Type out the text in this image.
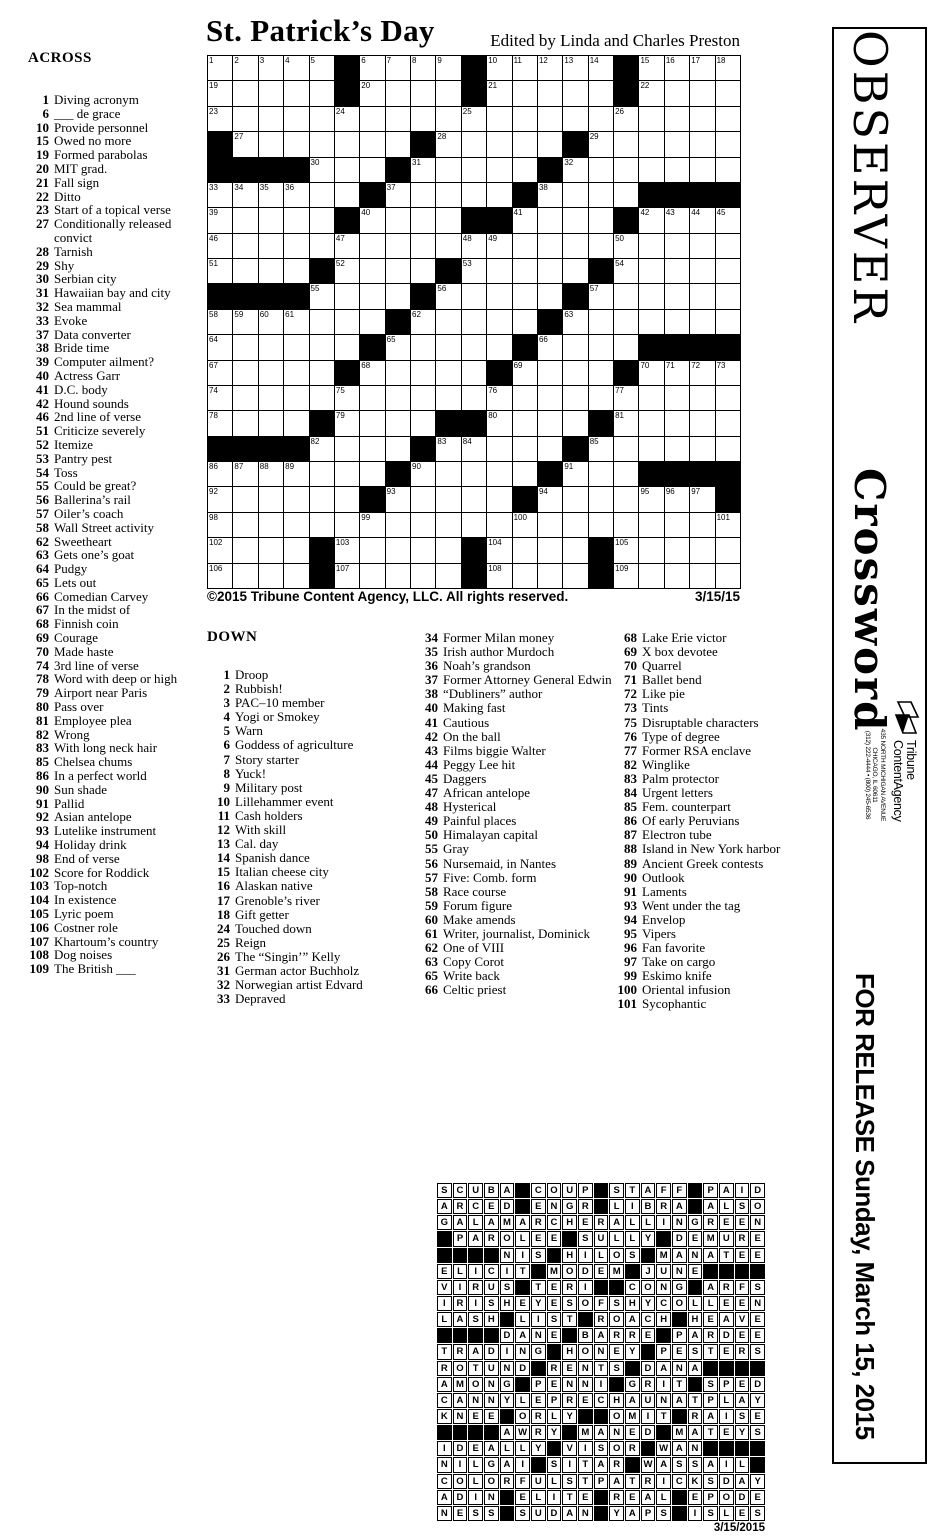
St. Patrick’s Day	Edited by Linda and Charles Preston
1	2	3	4	5	6	7	8	9	10 11 12 13 14	15 16 17 18
19	20	21	22
23	24	25	26
27	28	29
30	31	32
33 34 35 36	37	38
39	40	41	42 43 44 45
46	47	48 49	50
51	52	53	54
55	56	57
58 59 60 61	62	63
64	65	66
67	68	69	70 71 72 73
74	75	76	77
78	79	80	81
82	83 84	85
86 87 88 89	90	91
92	93	94	95 96 97
98	99	100	101
102	103	104	105
106	107	108	109
©2015 Tribune Content Agency, LLC. All rights reserved.	3/15/15
ACROSS
1 Diving acronym
6 ___ de grace
10 Provide personnel
15 Owed no more
19 Formed parabolas
20 MIT grad.
21 Fall sign
22 Ditto
23 Start of a topical verse
27 Conditionally released convict
28 Tarnish
29 Shy
30 Serbian city
31 Hawaiian bay and city
32 Sea mammal
33 Evoke
37 Data converter
38 Bride time
39 Computer ailment?
40 Actress Garr
41 D.C. body
42 Hound sounds
46 2nd line of verse
51 Criticize severely
52 Itemize
53 Pantry pest
54 Toss
55 Could be great?
56 Ballerina’s rail
57 Oiler’s coach
58 Wall Street activity
62 Sweetheart
63 Gets one’s goat
64 Pudgy
65 Lets out
66 Comedian Carvey
67 In the midst of
68 Finnish coin
69 Courage
70 Made haste
74 3rd line of verse
78 Word with deep or high
79 Airport near Paris
80 Pass over
81 Employee plea
82 Wrong
83 With long neck hair
85 Chelsea chums
86 In a perfect world
90 Sun shade
91 Pallid
92 Asian antelope
93 Lutelike instrument
94 Holiday drink
98 End of verse
102 Score for Roddick
103 Top-notch
104 In existence
105 Lyric poem
106 Costner role
107 Khartoum’s country
108 Dog noises
109 The British ___
DOWN
1 Droop
2 Rubbish!
3 PAC–10 member
4 Yogi or Smokey
5 Warn
6 Goddess of agriculture
7 Story starter
8 Yuck!
9 Military post
10 Lillehammer event
11 Cash holders
12 With skill
13 Cal. day
14 Spanish dance
15 Italian cheese city
16 Alaskan native
17 Grenoble’s river
18 Gift getter
24 Touched down
25 Reign
26 The “Singin’” Kelly
31 German actor Buchholz
32 Norwegian artist Edvard
33 Depraved
34 Former Milan money
35 Irish author Murdoch
36 Noah’s grandson
37 Former Attorney General Edwin
38 “Dubliners” author
40 Making fast
41 Cautious
42 On the ball
43 Films biggie Walter
44 Peggy Lee hit
45 Daggers
47 African antelope
48 Hysterical
49 Painful places
50 Himalayan capital
55 Gray
56 Nursemaid, in Nantes
57 Five: Comb. form
58 Race course
59 Forum figure
60 Make amends
61 Writer, journalist, Dominick
62 One of VIII
63 Copy Corot
65 Write back
66 Celtic priest
68 Lake Erie victor
69 X box devotee
70 Quarrel
71 Ballet bend
72 Like pie
73 Tints
75 Disruptable characters
76 Type of degree
77 Former RSA enclave
82 Winglike
83 Palm protector
84 Urgent letters
85 Fem. counterpart
86 Of early Peruvians
87 Electron tube
88 Island in New York harbor
89 Ancient Greek contests
90 Outlook
91 Laments
93 Went under the tag
94 Envelop
95 Vipers
96 Fan favorite
97 Take on cargo
99 Eskimo knife
100 Oriental infusion
101 Sycophantic
S C U B A	C O U P	S	T A F	F	P A	I	D
A R C E D	E N G R	L	I	B R A	A L	S O
G A L A M A R C H E R A L	L	I	N G R E E N
P A R O L	E E	S U L	L	Y	D E M U R E
N	I	S	H	I	L O S	M A N A T	E E
E	L	I	C	I	T	M O D E M	J	U N E
V	I	R U S	T	E R	I	C O N G	A R F	S
I	R	I	S H E Y E S O F	S H Y C O L	L	E E N
L A S H	L	I	S	T	R O A C H	H E A V E
D A N E	B A R R E	P A R D E E
T R A D	I	N G	H O N E Y	P E S	T	E R S
R O T U N D	R E N T	S	D A N A
A M O N G	P E N N	I	G R	I	T	S P E D
C A N N Y	L	E P R E C H A U N A T	P	L A Y
K N E E	O R L	Y	O M	I	T	R A	I	S E
A W R Y	M A N E D	M A T	E Y S
I	D E A L	L	Y	V	I	S O R	W A N
N	I	L G A	I	S	I	T A R	W A S S A	I	L
C O L O R F U L	S	T	P A T R	I	C K S D A Y
A D	I	N	E	L	I	T	E	R E A L	E P O D E
N E S S	S U D A N	Y A P S	I	S	L	E S
3/15/2015
OBSERVER
Crossword
Tribune
ContentAgency
435 NORTH MICHIGAN AVENUE
CHICAGO, IL 60611
(312) 222-4444 • (800) 245-6536
FOR RELEASE Sunday, March 15, 2015
